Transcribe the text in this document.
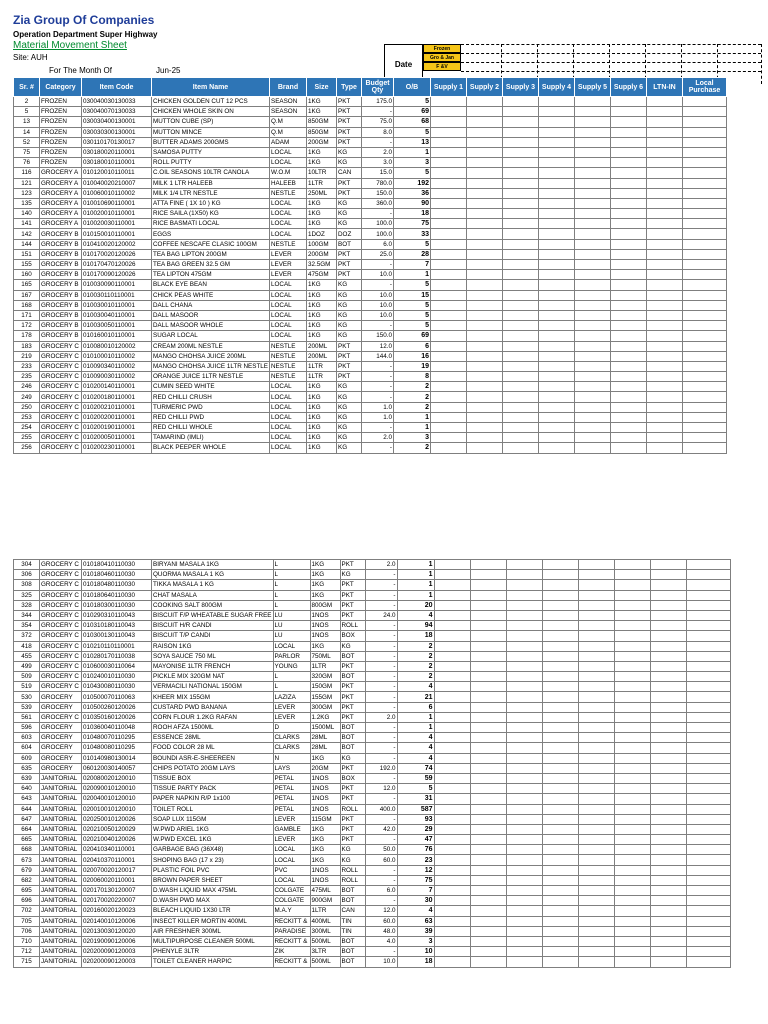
Zia Group Of Companies
Operation Department Super Highway
Material Movement Sheet
Site: AUH
For The Month Of	Jun-25
Date
Frozen
Gro & Jan
F &V
Sr. #	Category	Item Code	Item Name	Brand	Size	Type	Budget Qty	O/B	Supply 1	Supply 2	Supply 3	Supply 4	Supply 5	Supply 6	LTN-IN	Local Purchase
2	FROZEN	030040030130033	CHICKEN GOLDEN CUT 12 PCS	SEASON	1KG	PKT	175.0	5								
5	FROZEN	030040070130033	CHICKEN WHOLE SKIN ON	SEASON	1KG	PKT	-	69								
13	FROZEN	030030400130001	MUTTON CUBE (SP)	Q.M	850GM	PKT	75.0	68								
14	FROZEN	030030300130001	MUTTON MINCE	Q.M	850GM	PKT	8.0	5								
52	FROZEN	030110170130017	BUTTER ADAMS 200GMS	ADAM	200GM	PKT	-	13								
75	FROZEN	030180020110001	SAMOSA PUTTY	LOCAL	1KG	KG	2.0	1								
76	FROZEN	030180010110001	ROLL PUTTY	LOCAL	1KG	KG	3.0	3								
116	GROCERY A	010120010110011	C.OIL SEASONS 10LTR CANOLA	W.O.M	10LTR	CAN	15.0	5								
121	GROCERY A	010040020210007	MILK 1 LTR HALEEB	HALEEB	1LTR	PKT	780.0	192								
123	GROCERY A	010060010110002	MILK 1/4 LTR NESTLE	NESTLE	250ML	PKT	150.0	36								
135	GROCERY A	010010690110001	ATTA FINE ( 1X 10 ) KG	LOCAL	1KG	KG	360.0	90								
140	GROCERY A	010020010110001	RICE SAILA (1X50) KG	LOCAL	1KG	KG	-	18								
141	GROCERY A	010020030110001	RICE BASMATI LOCAL	LOCAL	1KG	KG	100.0	75								
142	GROCERY B	010150010110001	EGGS	LOCAL	1DOZ	DOZ	100.0	33								
144	GROCERY B	010410020120002	COFFEE NESCAFE CLASIC 100GM	NESTLE	100GM	BOT	6.0	5								
151	GROCERY B	010170020120026	TEA BAG LIPTON 200GM	LEVER	200GM	PKT	25.0	28								
155	GROCERY B	010170470120026	TEA BAG GREEN 32.5 GM	LEVER	32.5GM	PKT	-	7								
160	GROCERY B	010170090120026	TEA LIPTON 475GM	LEVER	475GM	PKT	10.0	1								
165	GROCERY B	010030090110001	BLACK EYE BEAN	LOCAL	1KG	KG	-	5								
167	GROCERY B	010030110110001	CHICK PEAS WHITE	LOCAL	1KG	KG	10.0	15								
168	GROCERY B	010030010110001	DALL CHANA	LOCAL	1KG	KG	10.0	5								
171	GROCERY B	010030040110001	DALL MASOOR	LOCAL	1KG	KG	10.0	5								
172	GROCERY B	010030050110001	DALL MASOOR WHOLE	LOCAL	1KG	KG	-	5								
178	GROCERY B	010160010110001	SUGAR LOCAL	LOCAL	1KG	KG	150.0	69								
183	GROCERY C	010080010120002	CREAM 200ML NESTLE	NESTLE	200ML	PKT	12.0	6								
219	GROCERY C	010100010110002	MANGO CHOHSA JUICE 200ML	NESTLE	200ML	PKT	144.0	16								
233	GROCERY C	010090340110002	MANGO CHOHSA JUICE 1LTR NESTLE	NESTLE	1LTR	PKT	-	19								
235	GROCERY C	010090030110002	ORANGE JUICE 1LTR NESTLE	NESTLE	1LTR	PKT	-	8								
246	GROCERY C	010200140110001	CUMIN SEED WHITE	LOCAL	1KG	KG	-	2								
249	GROCERY C	010200180110001	RED CHILLI CRUSH	LOCAL	1KG	KG	-	2								
250	GROCERY C	010200210110001	TURMERIC PWD	LOCAL	1KG	KG	1.0	2								
253	GROCERY C	010200200110001	RED CHILLI PWD	LOCAL	1KG	KG	1.0	1								
254	GROCERY C	010200190110001	RED CHILLI WHOLE	LOCAL	1KG	KG	-	1								
255	GROCERY C	010200050110001	TAMARIND (IMLI)	LOCAL	1KG	KG	2.0	3								
256	GROCERY C	010200230110001	BLACK PEEPER WHOLE	LOCAL	1KG	KG	-	2								
304	GROCERY C	010180410110030	BIRYANI MASALA 1KG	L	1KG	PKT	2.0	1								
306	GROCERY C	010180460110030	QUORMA MASALA 1 KG	L	1KG	KG	-	1								
308	GROCERY C	010180480110030	TIKKA MASALA 1 KG	L	1KG	PKT	-	1								
325	GROCERY C	010180640110030	CHAT MASALA	L	1KG	PKT	-	1								
328	GROCERY C	010180300110030	COOKING SALT 800GM	L	800GM	PKT	-	20								
344	GROCERY C	010290310110043	BISCUIT F/P WHEATABLE SUGAR FREE	LU	1NOS	PKT	24.0	4								
354	GROCERY C	010310180110043	BISCUIT H/R CANDI	LU	1NOS	ROLL	-	94								
372	GROCERY C	010300130110043	BISCUIT T/P CANDI	LU	1NOS	BOX	-	18								
418	GROCERY C	010210110110001	RAISON 1KG	LOCAL	1KG	KG	-	2								
455	GROCERY C	010280170110038	SOYA SAUCE 750 ML	PARLOR	750ML	BOT	-	2								
499	GROCERY C	010600030110064	MAYONISE 1LTR FRENCH	YOUNG	1LTR	PKT	-	2								
509	GROCERY C	010240010110030	PICKLE MIX 320GM NAT	L	320GM	BOT	-	2								
519	GROCERY C	010430080110030	VERMACILI NATIONAL 150GM	L	150GM	PKT	-	4								
530	GROCERY	010500070110063	KHEER MIX 155GM	LAZIZA	155GM	PKT	-	21								
539	GROCERY	010500260120026	CUSTARD PWD BANANA	LEVER	300GM	PKT	-	6								
561	GROCERY C	010350160120026	CORN FLOUR 1.2KG RAFAN	LEVER	1.2KG	PKT	2.0	1								
596	GROCERY	010360040110048	ROOH AFZA 1500ML	D	1500ML	BOT	-	1								
603	GROCERY	010480070110295	ESSENCE 28ML	CLARKS	28ML	BOT	-	4								
604	GROCERY	010480080110295	FOOD COLOR 28 ML	CLARKS	28ML	BOT	-	4								
609	GROCERY	010140980130014	BOUNDI ASR-E-SHEEREEN	N	1KG	KG	-	4								
635	GROCERY	060120030140057	CHIPS POTATO 20GM LAYS	LAYS	20GM	PKT	192.0	74								
639	JANITORIAL	020080020120010	TISSUE BOX	PETAL	1NOS	BOX	-	59								
640	JANITORIAL	020090010120010	TISSUE PARTY PACK	PETAL	1NOS	PKT	12.0	5								
643	JANITORIAL	020040010120010	PAPER NAPKIN R/P 1x100	PETAL	1NOS	PKT	-	31								
644	JANITORIAL	020010010120010	TOILET ROLL	PETAL	1NOS	ROLL	400.0	587								
647	JANITORIAL	020250010120026	SOAP LUX 115GM	LEVER	115GM	PKT	-	93								
664	JANITORIAL	020210050120029	W.PWD ARIEL 1KG	GAMBLE	1KG	PKT	42.0	29								
665	JANITORIAL	020210040120026	W.PWD EXCEL 1KG	LEVER	1KG	PKT	-	47								
668	JANITORIAL	020410340110001	GARBAGE BAG (36X48)	LOCAL	1KG	KG	50.0	76								
673	JANITORIAL	020410370110001	SHOPING BAG (17 x 23)	LOCAL	1KG	KG	60.0	23								
679	JANITORIAL	020070020120017	PLASTIC FOIL PVC	PVC	1NOS	ROLL	-	12								
682	JANITORIAL	020060020110001	BROWN PAPER SHEET	LOCAL	1NOS	ROLL	-	75								
695	JANITORIAL	020170130120007	D.WASH LIQUID MAX 475ML	COLGATE	475ML	BOT	6.0	7								
696	JANITORIAL	020170020220007	D.WASH PWD MAX	COLGATE	900GM	BOT	-	30								
702	JANITORIAL	020160020120023	BLEACH LIQUID 1X30 LTR	M.A.Y	1LTR	CAN	12.0	4								
705	JANITORIAL	020140010120006	INSECT KILLER MORTIN 400ML	RECKITT &	400ML	TIN	60.0	63								
706	JANITORIAL	020130030120020	AIR FRESHNER 300ML	PARADISE	300ML	TIN	48.0	39								
710	JANITORIAL	020190090120006	MULTIPURPOSE CLEANER 500ML	RECKITT &	500ML	BOT	4.0	3								
712	JANITORIAL	020200090120003	PHENYLE 3LTR	ZIK	3LTR	BOT	-	10								
715	JANITORIAL	020200090120003	TOILET CLEANER HARPIC	RECKITT &	500ML	BOT	10.0	18								
